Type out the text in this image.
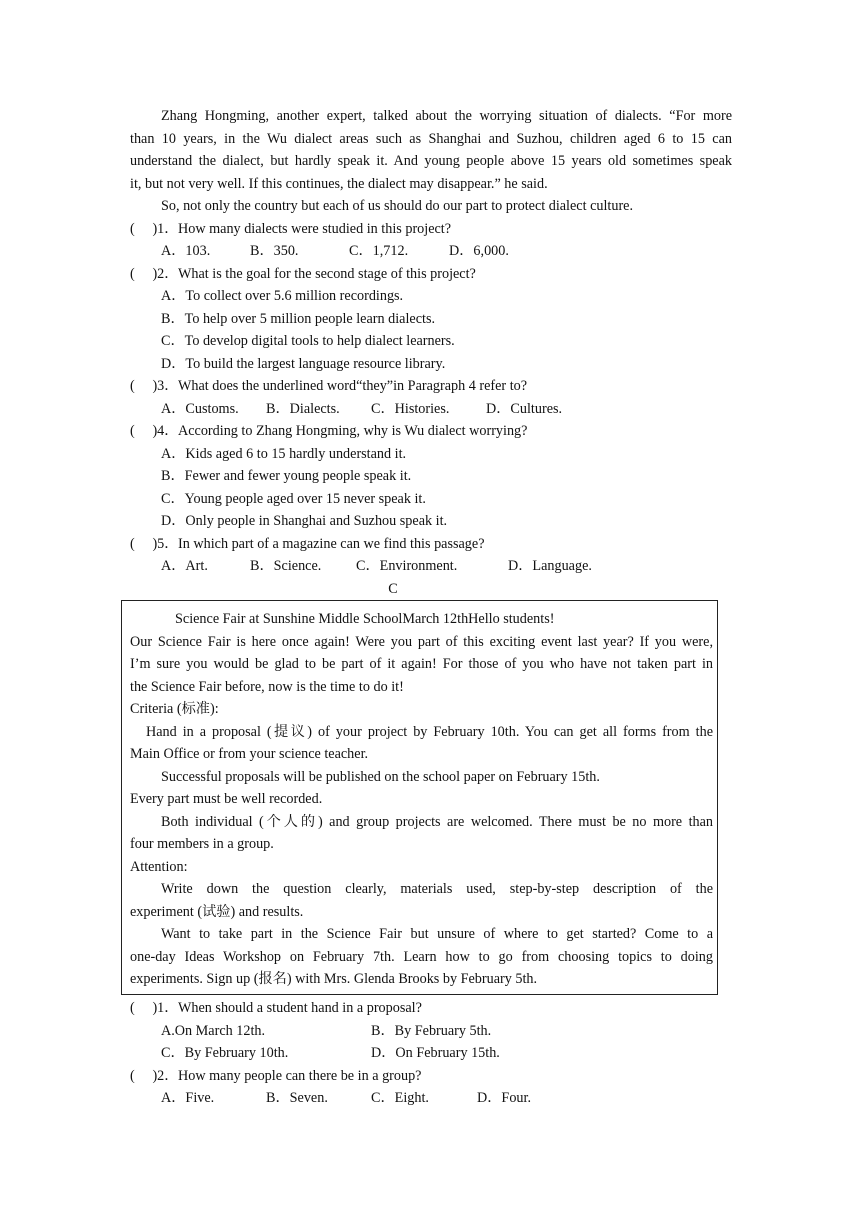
Zhang Hongming, another expert, talked about the worrying situation of dialects. “For more
than 10 years, in the Wu dialect areas such as Shanghai and Suzhou, children aged 6 to 15 can
understand the dialect, but hardly speak it. And young people above 15 years old sometimes speak
it, but not very well. If this continues, the dialect may disappear.” he said.
So, not only the country but each of us should do our part to protect dialect culture.
(  )1．How many dialects were studied in this project?
A．103.	B．350.	C．1,712.	D．6,000.
(  )2．What is the goal for the second stage of this project?
A．To collect over 5.6 million recordings.
B．To help over 5 million people learn dialects.
C．To develop digital tools to help dialect learners.
D．To build the largest language resource library.
(  )3．What does the underlined word“they”in Paragraph 4 refer to?
A．Customs. B．Dialects. C．Histories.	D．Cultures.
(  )4．According to Zhang Hongming, why is Wu dialect worrying?
A．Kids aged 6 to 15 hardly understand it.
B．Fewer and fewer young people speak it.
C．Young people aged over 15 never speak it.
D．Only people in Shanghai and Suzhou speak it.
(  )5．In which part of a magazine can we find this passage?
A．Art.	B．Science. C．Environment.	D．Language.
C
Science Fair at Sunshine Middle SchoolMarch 12thHello students!
Our Science Fair is here once again! Were you part of this exciting event last year? If you were,
I’m sure you would be glad to be part of it again! For those of you who have not taken part in
the Science Fair before, now is the time to do it!
Criteria (标准):
Hand in a proposal (提议) of your project by February 10th. You can get all forms from the
Main Office or from your science teacher.
Successful proposals will be published on the school paper on February 15th.
Every part must be well recorded.
Both individual (个人的) and group projects are welcomed. There must be no more than
four members in a group.
Attention:
Write down the question clearly, materials used, step-by-step description of the
experiment (试验) and results.
Want to take part in the Science Fair but unsure of where to get started? Come to a
one-day Ideas Workshop on February 7th. Learn how to go from choosing topics to doing
experiments. Sign up (报名) with Mrs. Glenda Brooks by February 5th.
(  )1．When should a student hand in a proposal?
A.On March 12th.	B．By February 5th.
C．By February 10th.	D．On February 15th.
(  )2．How many people can there be in a group?
A．Five.	B．Seven.	C．Eight.	D．Four.
